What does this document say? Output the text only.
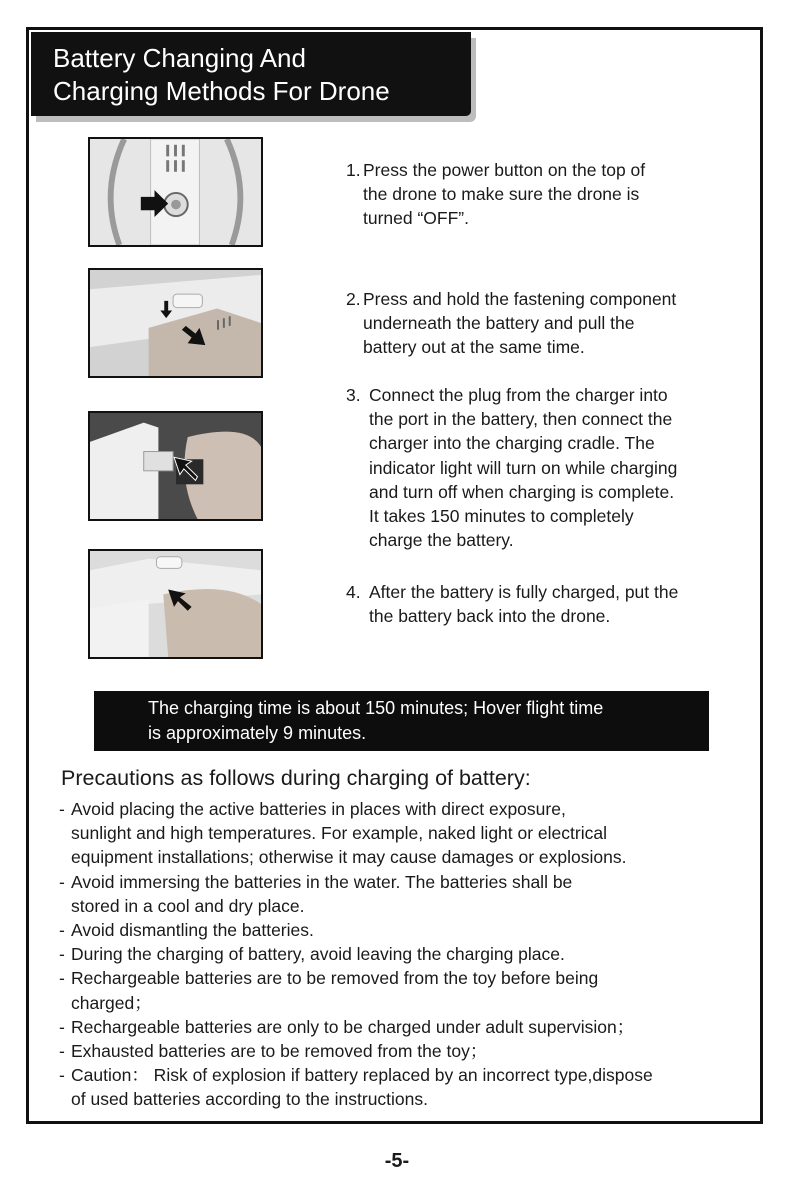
Battery Changing And
Charging Methods For Drone
1. Press the power button on the top of
the drone to make sure the drone is
turned “OFF”.
2. Press and hold the fastening component
underneath the battery and pull the
battery out at the same time.
3. Connect the plug from the charger into
the port in the battery, then connect the
charger into the charging cradle. The
indicator light will turn on while charging
and turn off when charging is complete.
It takes 150 minutes to completely
charge the battery.
4. After the battery is fully charged, put the
the battery back into the drone.
The charging time is about 150 minutes; Hover flight time
is approximately 9 minutes.
Precautions as follows during charging of battery:
- Avoid placing the active batteries in places with direct exposure,
sunlight and high temperatures. For example, naked light or electrical
equipment installations; otherwise it may cause damages or explosions.
- Avoid immersing the batteries in the water. The batteries shall be
stored in a cool and dry place.
- Avoid dismantling the batteries.
- During the charging of battery, avoid leaving the charging place.
- Rechargeable batteries are to be removed from the toy before being
charged；
- Rechargeable batteries are only to be charged under adult supervision；
- Exhausted batteries are to be removed from the toy；
- Caution： Risk of explosion if battery replaced by an incorrect type,dispose
of used batteries according to the instructions.
-5-
